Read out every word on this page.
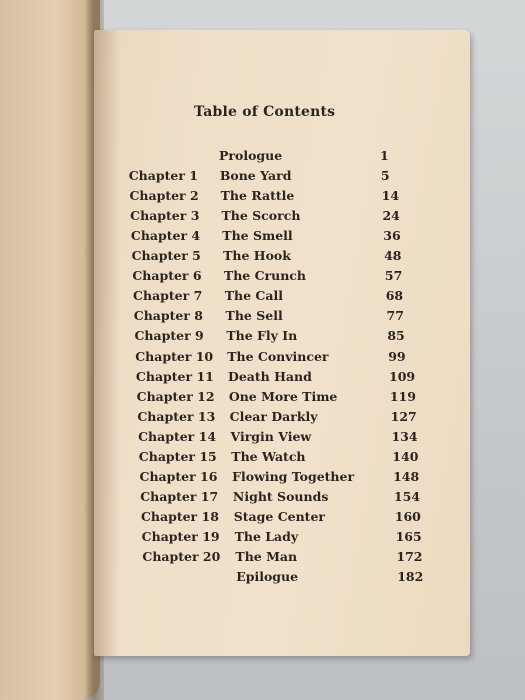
Table of Contents
Prologue	1
Chapter 1 Bone Yard	5
Chapter 2 The Rattle	14
Chapter 3 The Scorch	24
Chapter 4 The Smell	36
Chapter 5 The Hook	48
Chapter 6 The Crunch	57
Chapter 7 The Call	68
Chapter 8 The Sell	77
Chapter 9 The Fly In	85
Chapter 10 The Convincer	99
Chapter 11 Death Hand	109
Chapter 12 One More Time	119
Chapter 13 Clear Darkly	127
Chapter 14 Virgin View	134
Chapter 15 The Watch	140
Chapter 16 Flowing Together	148
Chapter 17 Night Sounds	154
Chapter 18 Stage Center	160
Chapter 19 The Lady	165
Chapter 20 The Man	172
Epilogue	182
